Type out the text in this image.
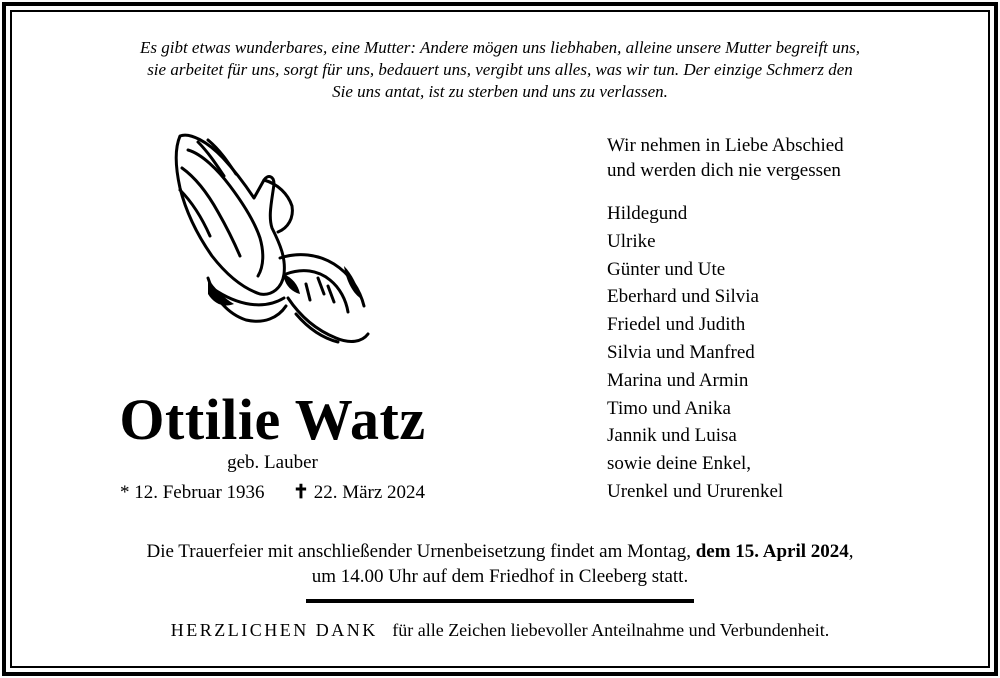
Es gibt etwas wunderbares, eine Mutter: Andere mögen uns liebhaben, alleine unsere Mutter begreift uns,
sie arbeitet für uns, sorgt für uns, bedauert uns, vergibt uns alles, was wir tun. Der einzige Schmerz den
Sie uns antat, ist zu sterben und uns zu verlassen.
Ottilie Watz
geb. Lauber
* 12. Februar 1936 ✝ 22. März 2024
Wir nehmen in Liebe Abschied
und werden dich nie vergessen
Hildegund
Ulrike
Günter und Ute
Eberhard und Silvia
Friedel und Judith
Silvia und Manfred
Marina und Armin
Timo und Anika
Jannik und Luisa
sowie deine Enkel,
Urenkel und Ururenkel
Die Trauerfeier mit anschließender Urnenbeisetzung findet am Montag, dem 15. April 2024,
um 14.00 Uhr auf dem Friedhof in Cleeberg statt.
HERZLICHEN DANK für alle Zeichen liebevoller Anteilnahme und Verbundenheit.
